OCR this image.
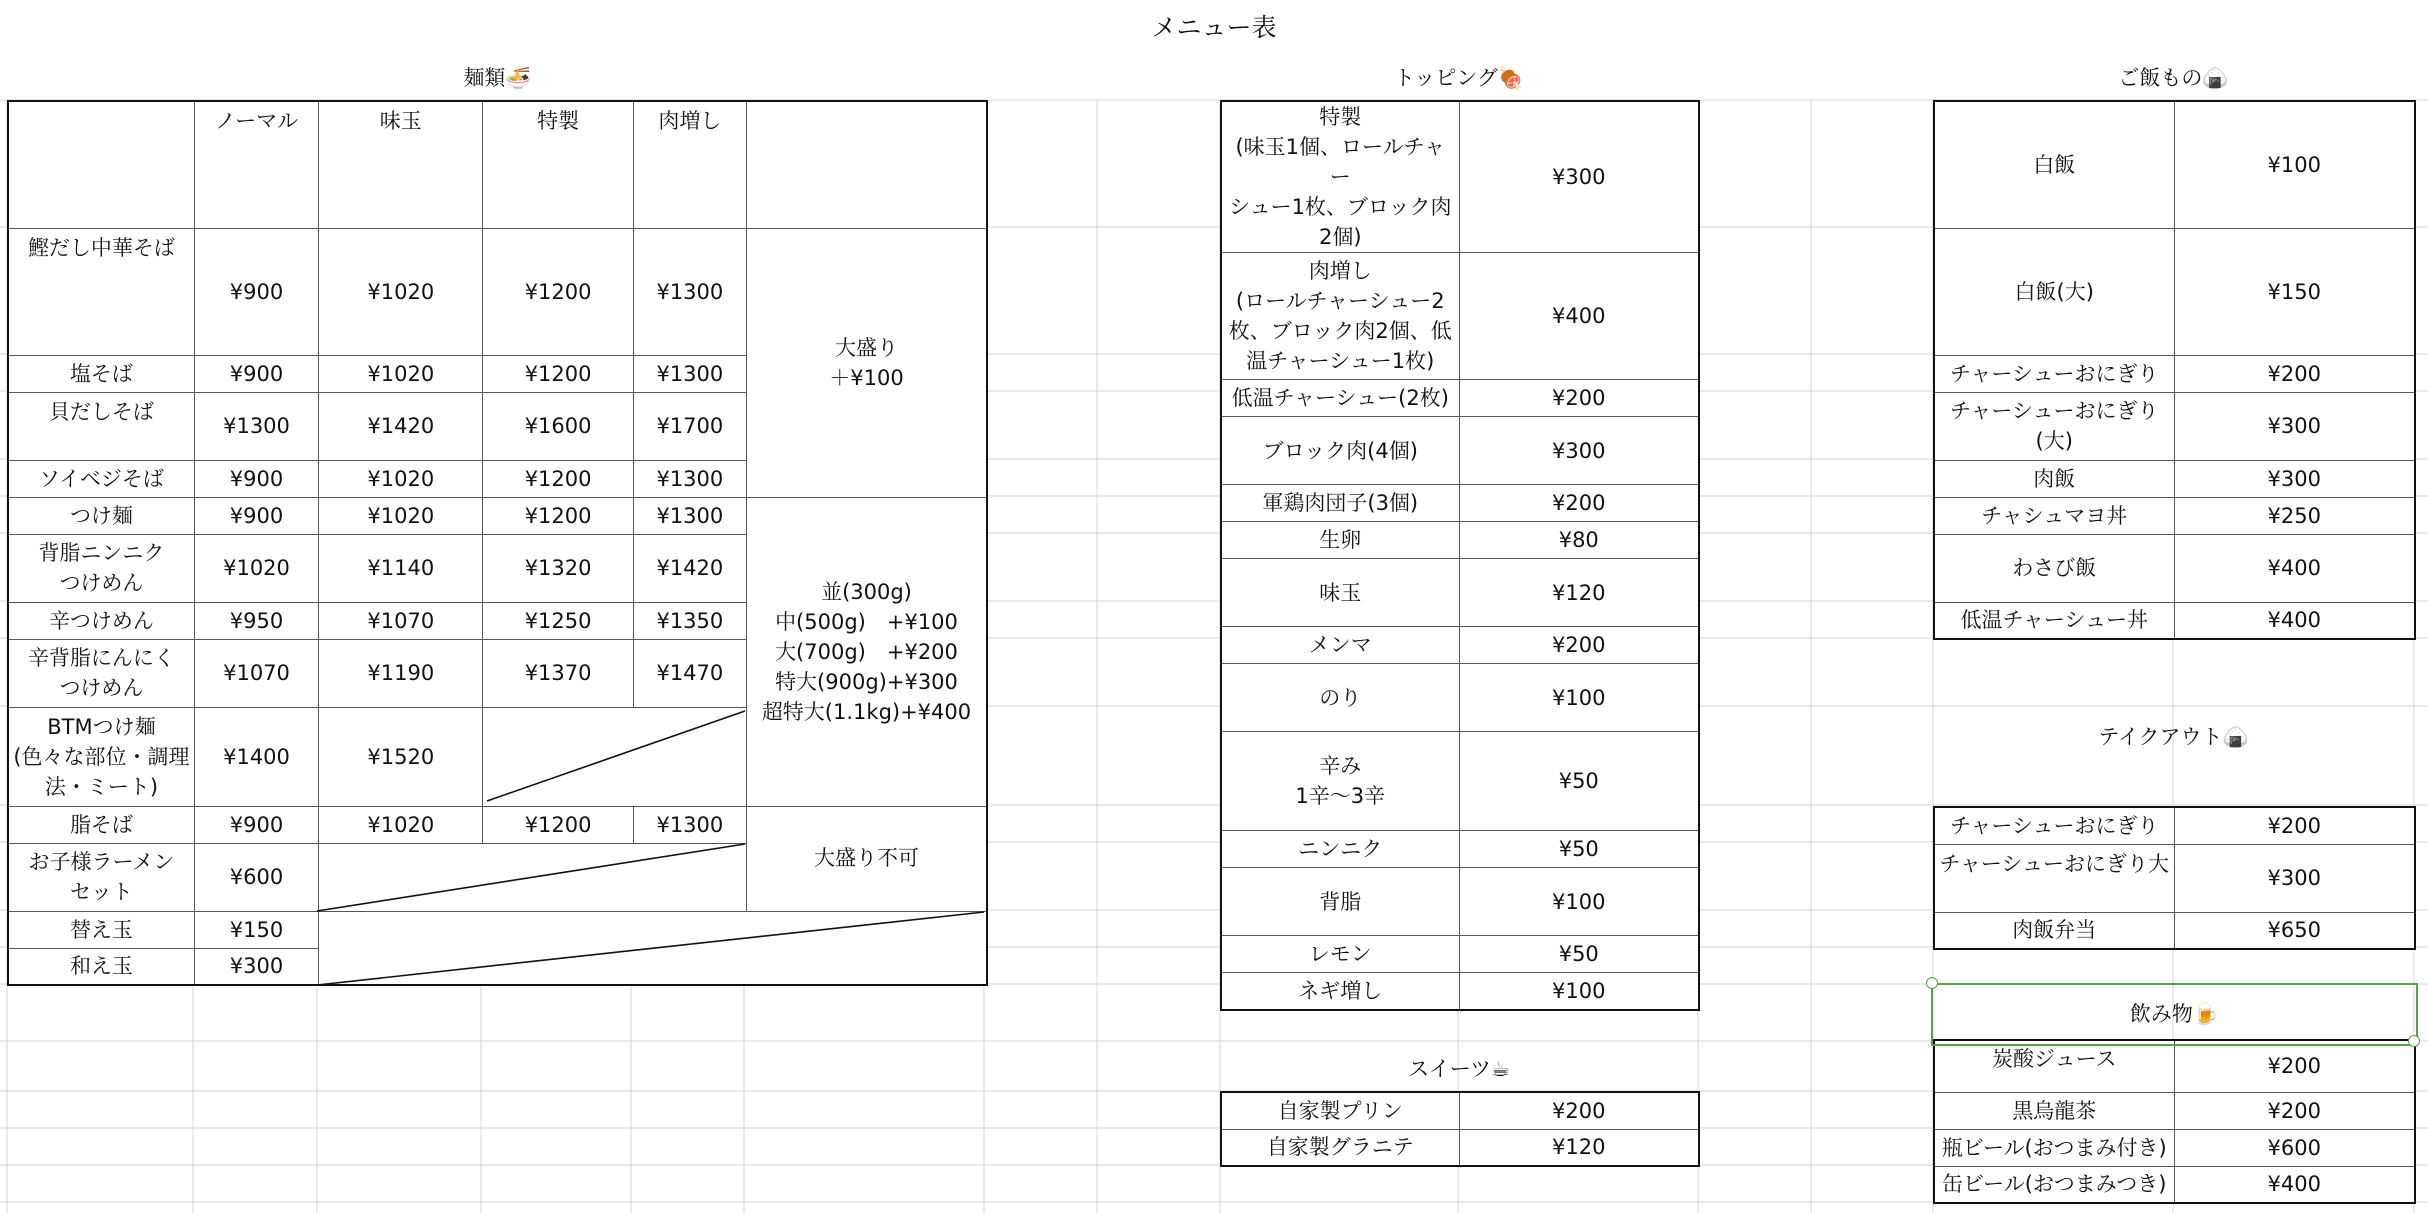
メニュー表
麺類🍜	トッピング🍖	ご飯もの🍙
テイクアウト🍙
スイーツ☕
	ノーマル	味玉	特製	肉増し	
鰹だし中華そば	¥900	¥1020	¥1200	¥1300	大盛り
＋¥100
塩そば	¥900	¥1020	¥1200	¥1300	
貝だしそば	¥1300	¥1420	¥1600	¥1700	
ソイベジそば	¥900	¥1020	¥1200	¥1300	
つけ麺	¥900	¥1020	¥1200	¥1300	並(300g)
中(500g)　+¥100
大(700g)　+¥200
特大(900g)+¥300
超特大(1.1kg)+¥400
背脂ニンニク
つけめん	¥1020	¥1140	¥1320	¥1420	
辛つけめん	¥950	¥1070	¥1250	¥1350	
辛背脂にんにく
つけめん	¥1070	¥1190	¥1370	¥1470	
BTMつけ麺
(色々な部位・調理
法・ミート)	¥1400	¥1520			
脂そば	¥900	¥1020	¥1200	¥1300	大盛り不可
お子様ラーメン
セット	¥600				
替え玉	¥150				
和え玉	¥300				
特製
(味玉1個、ロールチャー
シュー1枚、ブロック肉
2個)	¥300
肉増し
(ロールチャーシュー2
枚、ブロック肉2個、低
温チャーシュー1枚)	¥400
低温チャーシュー(2枚)	¥200
ブロック肉(4個)	¥300
軍鶏肉団子(3個)	¥200
生卵	¥80
味玉	¥120
メンマ	¥200
のり	¥100
辛み
1辛〜3辛	¥50
ニンニク	¥50
背脂	¥100
レモン	¥50
ネギ増し	¥100
自家製プリン	¥200
自家製グラニテ	¥120
白飯	¥100
白飯(大)	¥150
チャーシューおにぎり	¥200
チャーシューおにぎり
(大)	¥300
肉飯	¥300
チャシュマヨ丼	¥250
わさび飯	¥400
低温チャーシュー丼	¥400
チャーシューおにぎり	¥200
チャーシューおにぎり大	¥300
肉飯弁当	¥650
炭酸ジュース	¥200
黒烏龍茶	¥200
瓶ビール(おつまみ付き)	¥600
缶ビール(おつまみつき)	¥400
飲み物🍺
